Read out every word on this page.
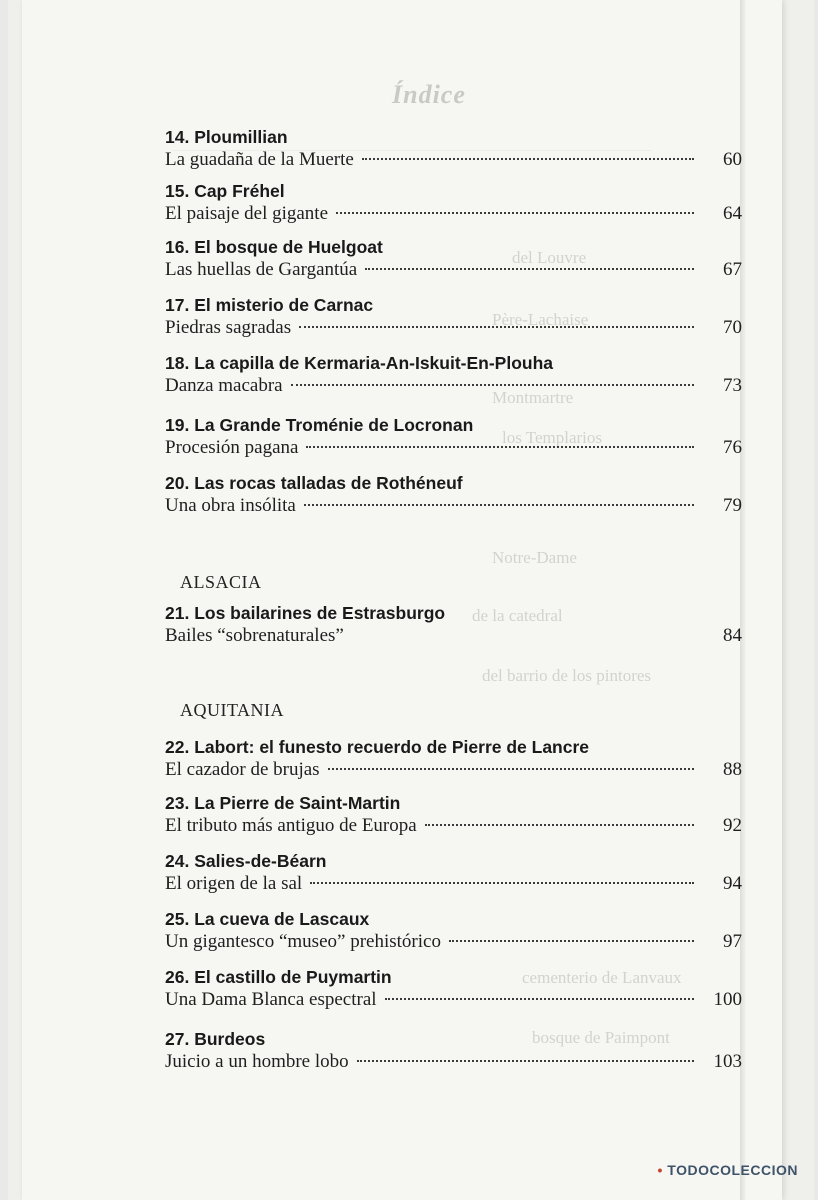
del Louvre
Père-Lachaise
Montmartre
los Templarios
Notre-Dame
de la catedral
del barrio de los pintores
cementerio de Lanvaux
bosque de Paimpont
Índice
14. Ploumillian
La guadaña de la Muerte	60
15. Cap Fréhel
El paisaje del gigante	64
16. El bosque de Huelgoat
Las huellas de Gargantúa	67
17. El misterio de Carnac
Piedras sagradas	70
18. La capilla de Kermaria-An-Iskuit-En-Plouha
Danza macabra	73
19. La Grande Troménie de Locronan
Procesión pagana	76
20. Las rocas talladas de Rothéneuf
Una obra insólita	79
ALSACIA
21. Los bailarines de Estrasburgo
Bailes “sobrenaturales”	84
AQUITANIA
22. Labort: el funesto recuerdo de Pierre de Lancre
El cazador de brujas	88
23. La Pierre de Saint-Martin
El tributo más antiguo de Europa	92
24. Salies-de-Béarn
El origen de la sal	94
25. La cueva de Lascaux
Un gigantesco “museo” prehistórico	97
26. El castillo de Puymartin
Una Dama Blanca espectral	100
27. Burdeos
Juicio a un hombre lobo	103
• TODOCOLECCION
